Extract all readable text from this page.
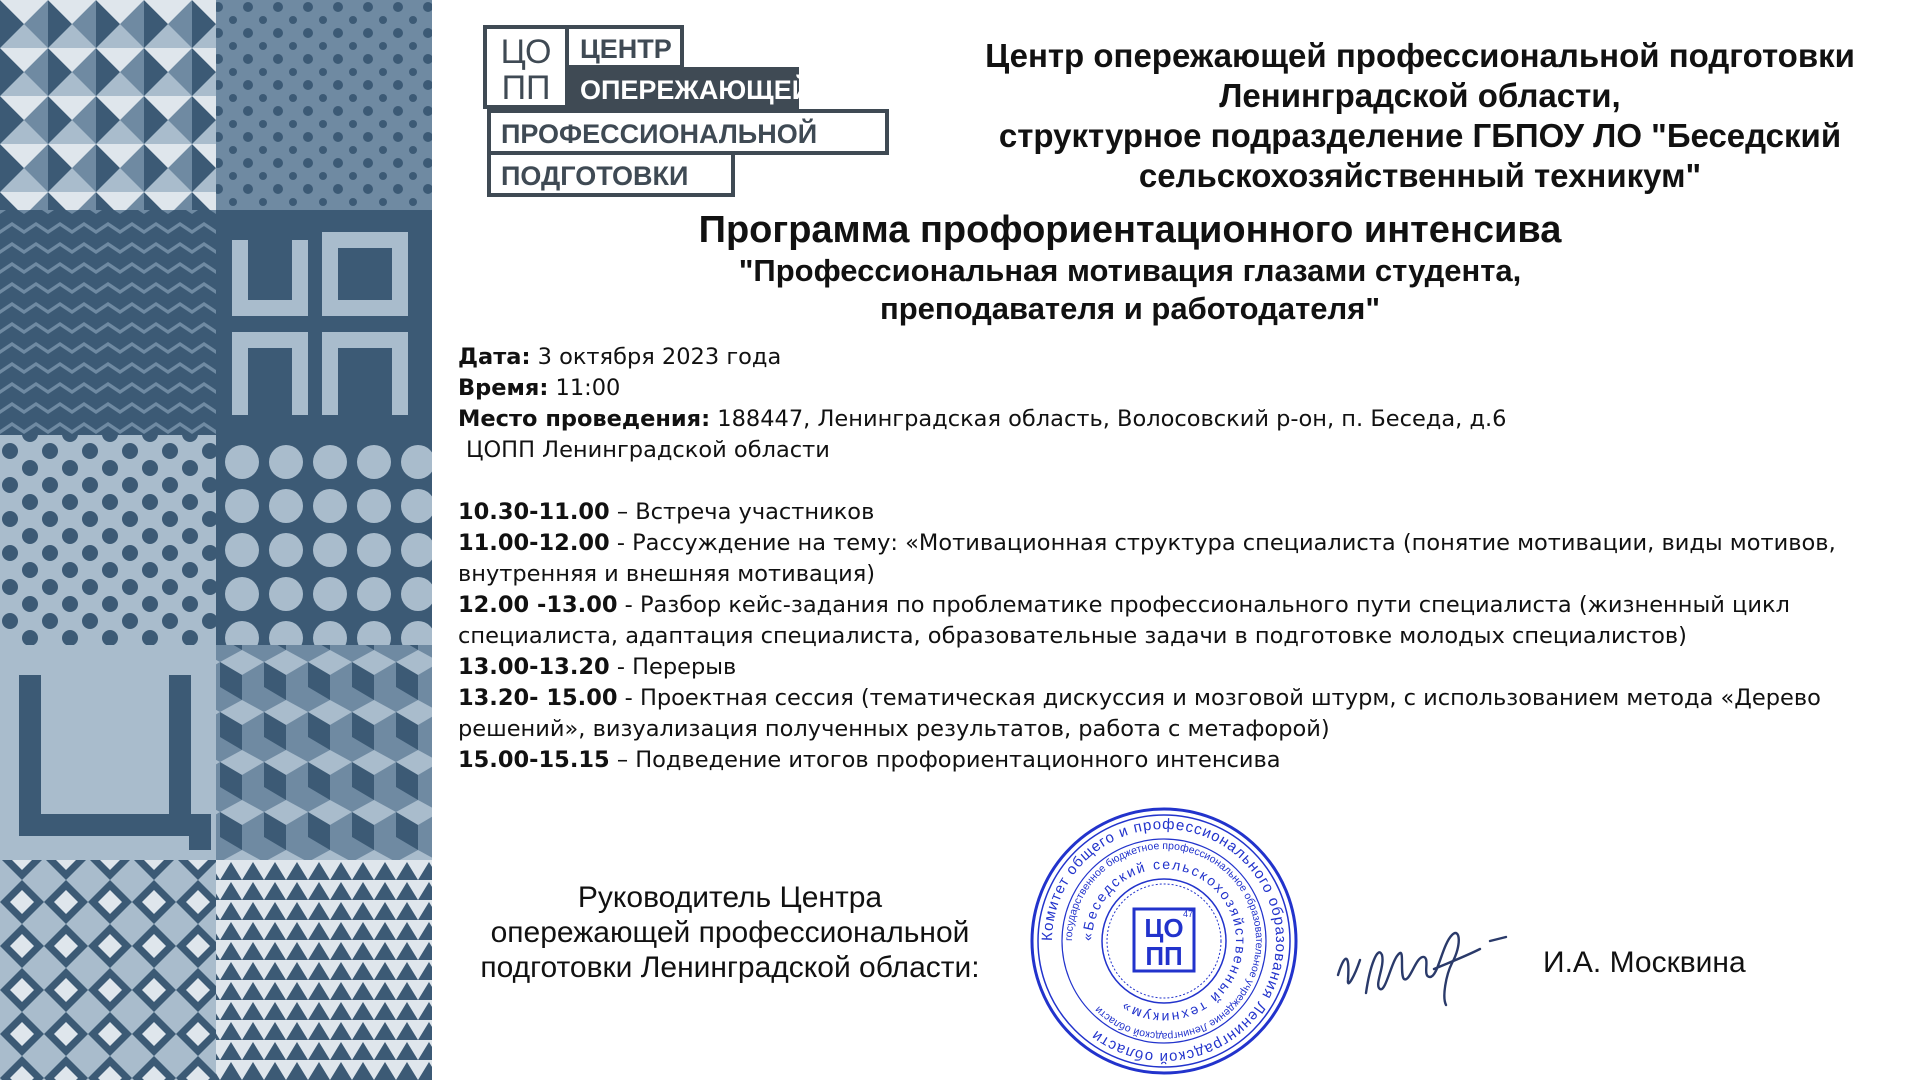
ЦО
ПП
ЦЕНТР
ОПЕРЕЖАЮЩЕЙ
ПРОФЕССИОНАЛЬНОЙ
ПОДГОТОВКИ
Центр опережающей профессиональной подготовки
Ленинградской области,
структурное подразделение ГБПОУ ЛО "Беседский
сельскохозяйственный техникум"
Программа профориентационного интенсива
"Профессиональная мотивация глазами студента,
преподавателя и работодателя"
Дата: 3 октября 2023 года
Время: 11:00
Место проведения: 188447, Ленинградская область, Волосовский р-он, п. Беседа, д.6
ЦОПП Ленинградской области
10.30-11.00 – Встреча участников
11.00-12.00 - Рассуждение на тему: «Мотивационная структура специалиста (понятие мотивации, виды мотивов, внутренняя и внешняя мотивация)
12.00 -13.00 - Разбор кейс-задания по проблематике профессионального пути специалиста (жизненный цикл специалиста, адаптация специалиста, образовательные задачи в подготовке молодых специалистов)
13.00-13.20 - Перерыв
13.20- 15.00 - Проектная сессия (тематическая дискуссия и мозговой штурм, с использованием метода «Дерево решений», визуализация полученных результатов, работа с метафорой)
15.00-15.15 – Подведение итогов профориентационного интенсива
Руководитель Центра
опережающей профессиональной
подготовки Ленинградской области:
Комитет общего и профессионального образования Ленинградской области
государственное бюджетное профессиональное образовательное учреждение Ленинградской области
«Беседский сельскохозяйственный техникум»
ЦО
ПП
47
И.А. Москвина
